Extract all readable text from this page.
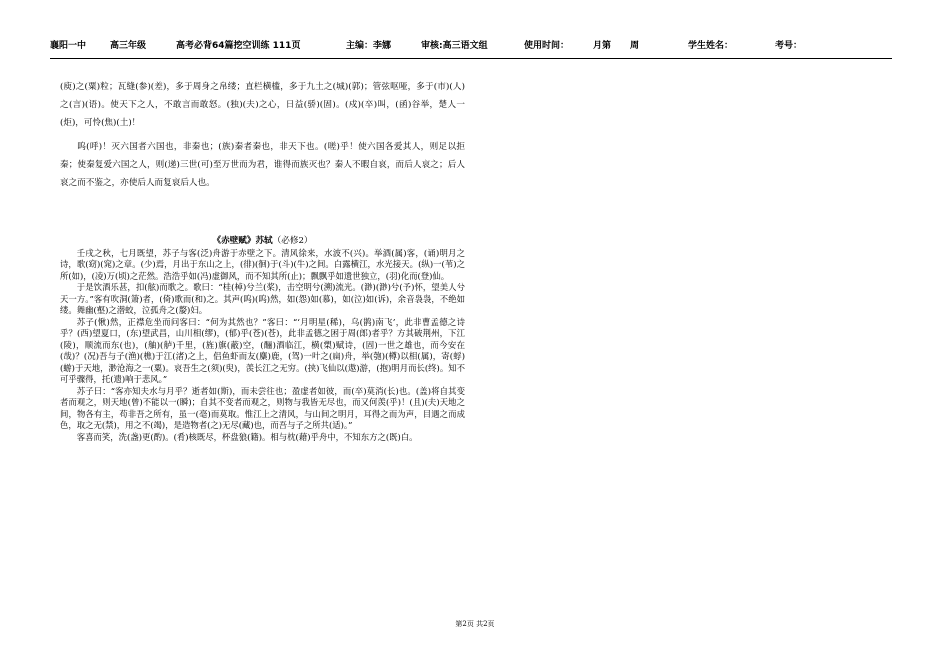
襄阳一中	高三年级	高考必背64篇挖空训练 111页	主编：李娜	审核:高三语文组	使用时间：	月第 周	学生姓名：	考号：

(庾)之(粟)粒；瓦缝(参)(差)，多于周身之帛缕；直栏横槛，多于九土之(城)(郭)；管弦呕哑，多于(市)(人)之(言)(语)。使天下之人，不敢言而敢怒。(独)(夫)之心，日益(骄)(固)。(戍)(卒)叫，(函)谷举，楚人一(炬)，可怜(焦)(土)！

呜(呼)！灭六国者六国也，非秦也；(族)秦者秦也，非天下也。(嗟)乎！使六国各爱其人，则足以拒秦；使秦复爱六国之人，则(递)三世(可)至万世而为君，谁得而族灭也？秦人不暇自哀，而后人哀之；后人哀之而不鉴之，亦使后人而复哀后人也。

《赤壁赋》苏轼（必修2）

壬戌之秋，七月既望，苏子与客(泛)舟游于赤壁之下。清风徐来，水波不(兴)。举酒(属)客，(诵)明月之诗，歌(窈)(窕)之章。(少)焉，月出于东山之上，(徘)(徊)于(斗)(牛)之间。白露横江，水光接天。(纵)一(苇)之所(如)，(凌)万(顷)之茫然。浩浩乎如(冯)虚御风，而不知其所(止)；飘飘乎如遗世独立，(羽)化而(登)仙。

于是饮酒乐甚，扣(舷)而歌之。歌曰：“桂(棹)兮兰(桨)，击空明兮(溯)流光。(渺)(渺)兮(予)怀，望美人兮天一方。”客有吹洞(箫)者，(倚)歌而(和)之。其声(呜)(呜)然，如(怨)如(慕)，如(泣)如(诉)，余音袅袅，不绝如缕。舞幽(壑)之潜蛟，泣孤舟之(嫠)妇。

苏子(愀)然，正襟危坐而问客曰：“何为其然也？”客曰：“‘月明星(稀)，乌(鹊)南飞’，此非曹孟德之诗乎？(西)望夏口，(东)望武昌，山川相(缪)，(郁)乎(苍)(苍)，此非孟德之困于周(郎)者乎？方其破荆州，下江(陵)，顺流而东(也)，(舳)(舻)千里，(旌)旗(蔽)空，(酾)酒临江，横(槊)赋诗，(固)一世之雄也，而今安在(哉)？(况)吾与子(渔)(樵)于江(渚)之上，侣鱼虾而友(麋)鹿，(驾)一叶之(扁)舟，举(匏)(樽)以相(属)，寄(蜉)(蝣)于天地，渺沧海之一(粟)。哀吾生之(须)(臾)，羡长江之无穷。(挟)飞仙以(遨)游，(抱)明月而长(终)。知不可乎骤得，托(遗)响于悲风。”

苏子曰：“客亦知夫水与月乎？逝者如(斯)，而未尝往也；盈虚者如彼，而(卒)莫消(长)也。(盖)将自其变者而观之，则天地(曾)不能以一(瞬)；自其不变者而观之，则物与我皆无尽也，而又何羡(乎)！(且)(夫)天地之间，物各有主，苟非吾之所有，虽一(毫)而莫取。惟江上之清风，与山间之明月，耳得之而为声，目遇之而成色，取之无(禁)，用之不(竭)，是造物者(之)无尽(藏)也，而吾与子之所共(适)。”

客喜而笑，洗(盏)更(酌)。(肴)核既尽，杯盘狼(籍)。相与枕(藉)乎舟中，不知东方之(既)白。

第2页 共2页
